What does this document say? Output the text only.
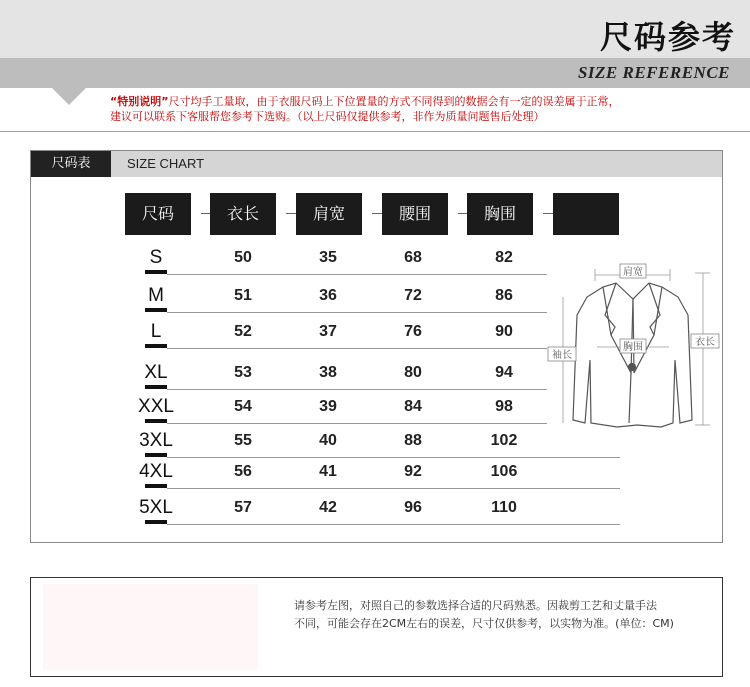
尺码参考
SIZE REFERENCE
“特别说明”尺寸均手工量取，由于衣服尺码上下位置量的方式不同得到的数据会有一定的误差属于正常，
建议可以联系下客服帮您参考下选购。（以上尺码仅提供参考，非作为质量问题售后处理）
尺码表	SIZE CHART
尺码	衣长	肩宽	腰围	胸围
S	50	35	68	82
M	51	36	72	86
L	52	37	76	90
XL	53	38	80	94
XXL	54	39	84	98
3XL	55	40	88	102
4XL	56	41	92	106
5XL	57	42	96	110
肩宽
胸围
袖长
衣长
请参考左图，对照自己的参数选择合适的尺码熟悉。因裁剪工艺和丈量手法
不同，可能会存在2CM左右的误差，尺寸仅供参考，以实物为准。(单位：CM)
